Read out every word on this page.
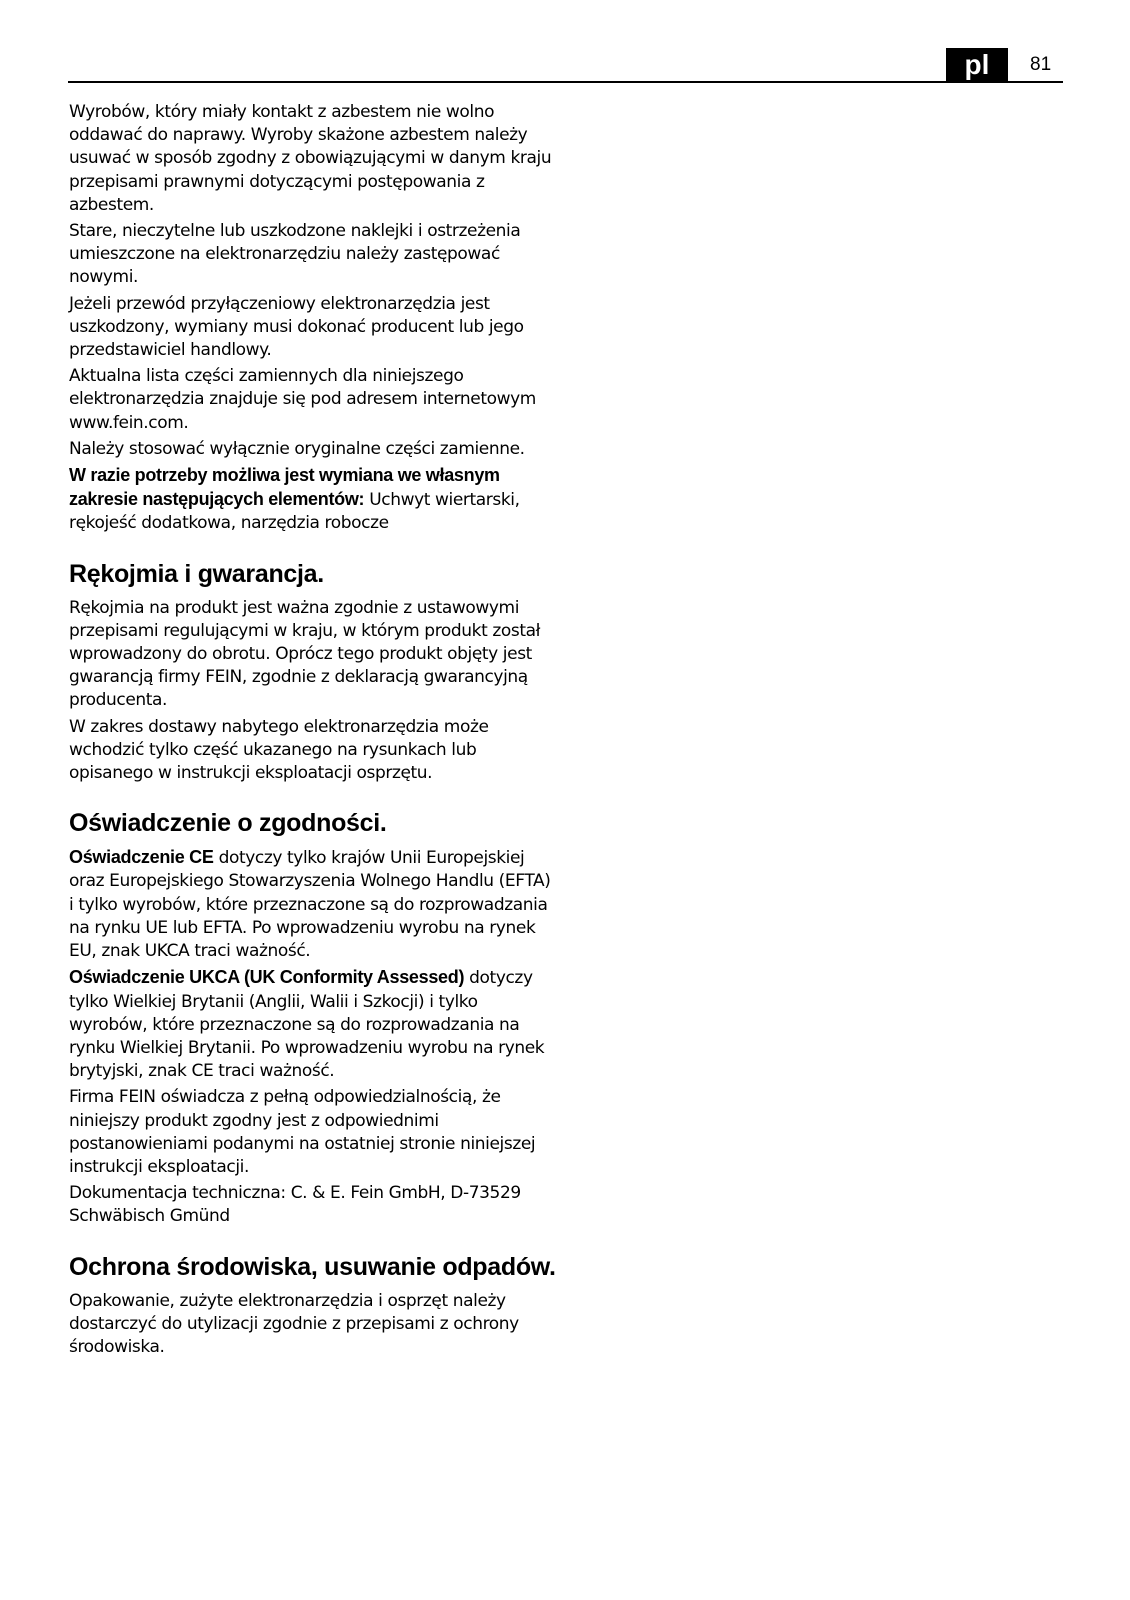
pl	81

Wyrobów, który miały kontakt z azbestem nie wolno oddawać do naprawy. Wyroby skażone azbestem należy usuwać w sposób zgodny z obowiązującymi w danym kraju przepisami prawnymi dotyczącymi postępowania z azbestem.

Stare, nieczytelne lub uszkodzone naklejki i ostrzeżenia umieszczone na elektronarzędziu należy zastępować nowymi.

Jeżeli przewód przyłączeniowy elektronarzędzia jest uszkodzony, wymiany musi dokonać producent lub jego przedstawiciel handlowy.

Aktualna lista części zamiennych dla niniejszego elektronarzędzia znajduje się pod adresem internetowym www.fein.com.

Należy stosować wyłącznie oryginalne części zamienne.

W razie potrzeby możliwa jest wymiana we własnym zakresie następujących elementów: Uchwyt wiertarski, rękojeść dodatkowa, narzędzia robocze

Rękojmia i gwarancja.

Rękojmia na produkt jest ważna zgodnie z ustawowymi przepisami regulującymi w kraju, w którym produkt został wprowadzony do obrotu. Oprócz tego produkt objęty jest gwarancją firmy FEIN, zgodnie z deklaracją gwarancyjną producenta.

W zakres dostawy nabytego elektronarzędzia może wchodzić tylko część ukazanego na rysunkach lub opisanego w instrukcji eksploatacji osprzętu.

Oświadczenie o zgodności.

Oświadczenie CE dotyczy tylko krajów Unii Europejskiej oraz Europejskiego Stowarzyszenia Wolnego Handlu (EFTA) i tylko wyrobów, które przeznaczone są do rozprowadzania na rynku UE lub EFTA. Po wprowadzeniu wyrobu na rynek EU, znak UKCA traci ważność.

Oświadczenie UKCA (UK Conformity Assessed) dotyczy tylko Wielkiej Brytanii (Anglii, Walii i Szkocji) i tylko wyrobów, które przeznaczone są do rozprowadzania na rynku Wielkiej Brytanii. Po wprowadzeniu wyrobu na rynek brytyjski, znak CE traci ważność.

Firma FEIN oświadcza z pełną odpowiedzialnością, że niniejszy produkt zgodny jest z odpowiednimi postanowieniami podanymi na ostatniej stronie niniejszej instrukcji eksploatacji.

Dokumentacja techniczna: C. & E. Fein GmbH, D-73529 Schwäbisch Gmünd

Ochrona środowiska, usuwanie odpadów.

Opakowanie, zużyte elektronarzędzia i osprzęt należy dostarczyć do utylizacji zgodnie z przepisami z ochrony środowiska.
